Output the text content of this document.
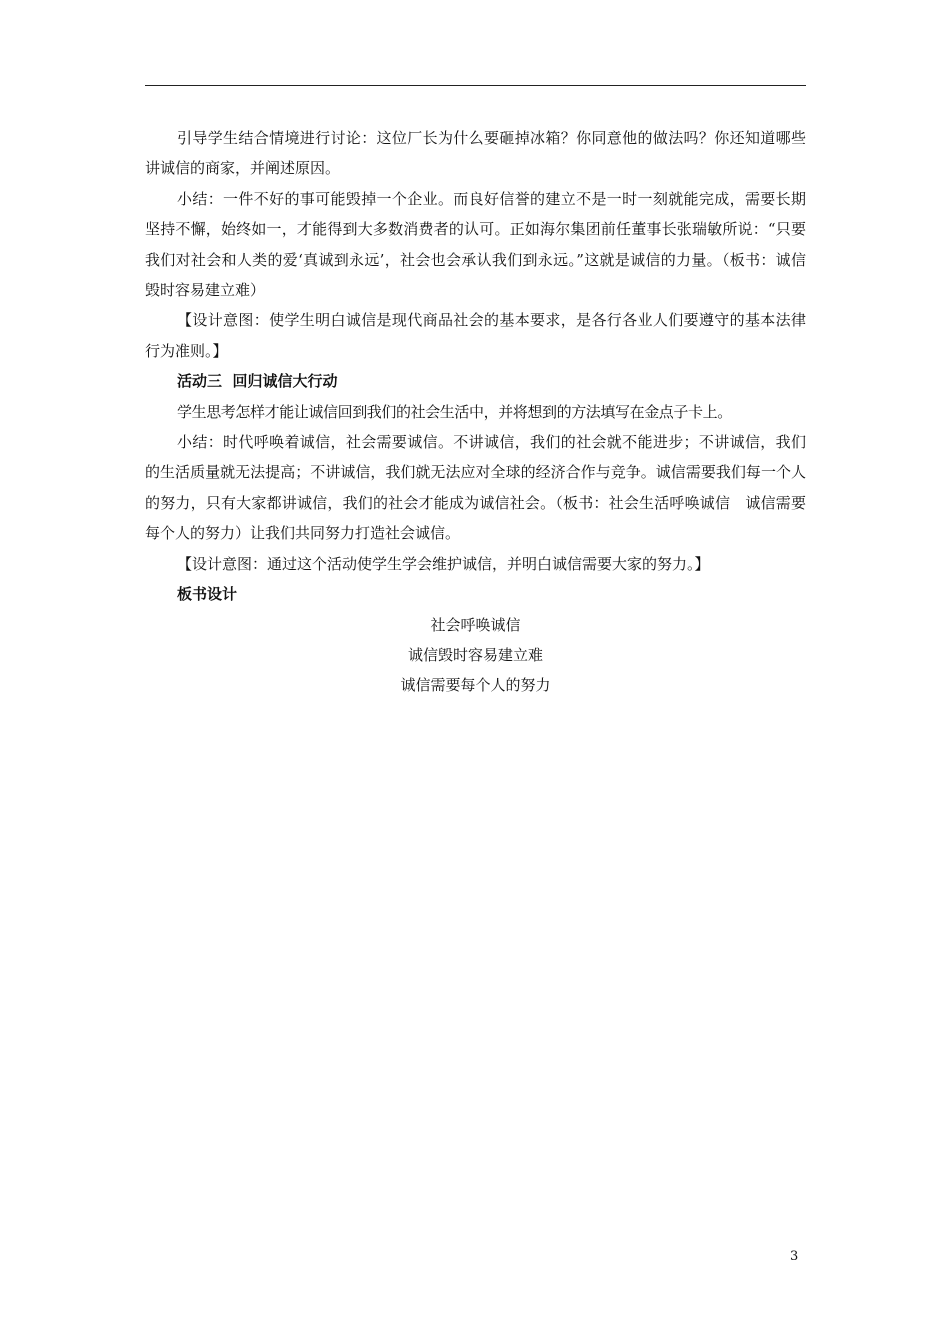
引导学生结合情境进行讨论：这位厂长为什么要砸掉冰箱？你同意他的做法吗？你还知道哪些讲诚信的商家，并阐述原因。

小结：一件不好的事可能毁掉一个企业。而良好信誉的建立不是一时一刻就能完成，需要长期坚持不懈，始终如一，才能得到大多数消费者的认可。正如海尔集团前任董事长张瑞敏所说：“只要我们对社会和人类的爱‘真诚到永远’，社会也会承认我们到永远。”这就是诚信的力量。（板书：诚信毁时容易建立难）

【设计意图：使学生明白诚信是现代商品社会的基本要求，是各行各业人们要遵守的基本法律行为准则。】

活动三  回归诚信大行动

学生思考怎样才能让诚信回到我们的社会生活中，并将想到的方法填写在金点子卡上。

小结：时代呼唤着诚信，社会需要诚信。不讲诚信，我们的社会就不能进步；不讲诚信，我们的生活质量就无法提高；不讲诚信，我们就无法应对全球的经济合作与竞争。诚信需要我们每一个人的努力，只有大家都讲诚信，我们的社会才能成为诚信社会。（板书：社会生活呼唤诚信　诚信需要每个人的努力）让我们共同努力打造社会诚信。

【设计意图：通过这个活动使学生学会维护诚信，并明白诚信需要大家的努力。】

板书设计

社会呼唤诚信

诚信毁时容易建立难

诚信需要每个人的努力

3
